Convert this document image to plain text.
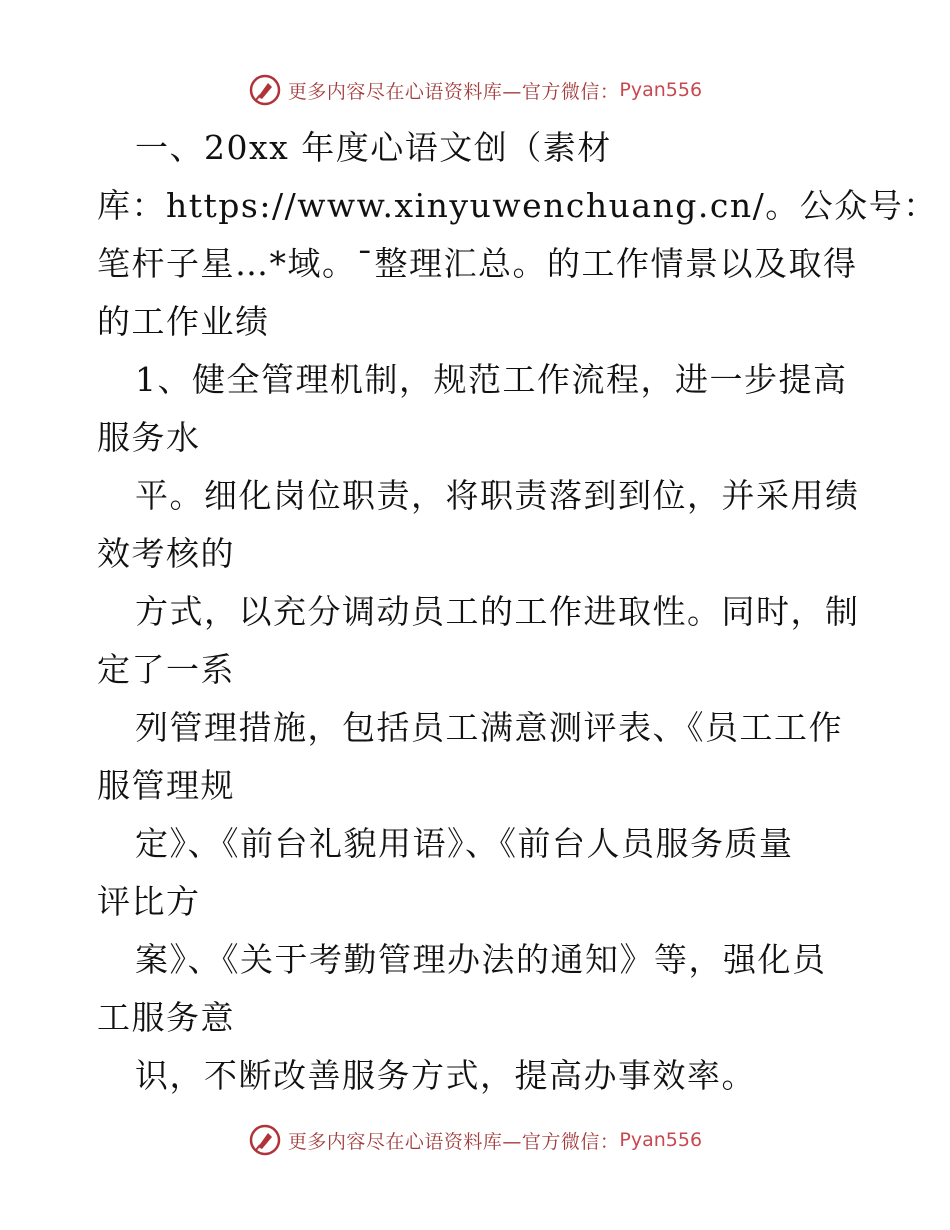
更多内容尽在心语资料库—官方微信： Pyan556
一、20xx 年度心语文创（素材
库：https://www.xinyuwenchuang.cn/。公众号：
笔杆子星…*域。¯整理汇总。的工作情景以及取得
的工作业绩
1、健全管理机制，规范工作流程，进一步提高
服务水
平。细化岗位职责，将职责落到到位，并采用绩
效考核的
方式，以充分调动员工的工作进取性。同时，制
定了一系
列管理措施，包括员工满意测评表、《员工工作
服管理规
定》、《前台礼貌用语》、《前台人员服务质量
评比方
案》、《关于考勤管理办法的通知》等，强化员
工服务意
识，不断改善服务方式，提高办事效率。
更多内容尽在心语资料库—官方微信： Pyan556
